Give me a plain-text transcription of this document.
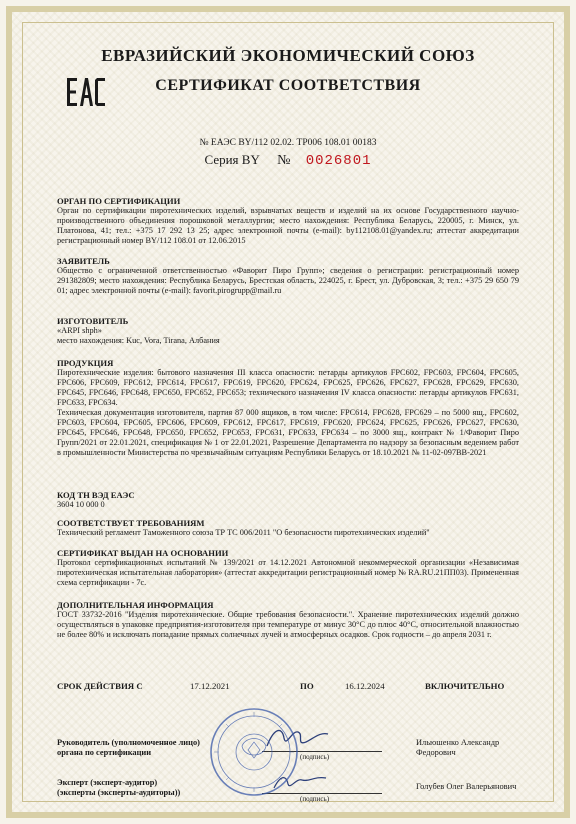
ЕВРАЗИЙСКИЙ ЭКОНОМИЧЕСКИЙ СОЮЗ
СЕРТИФИКАТ СООТВЕТСТВИЯ
№ ЕАЭС BY/112 02.02. ТР006 108.01 00183
Серия BY № 0026801
ОРГАН ПО СЕРТИФИКАЦИИ
Орган по сертификации пиротехнических изделий, взрывчатых веществ и изделий на их основе Государственного научно-производственного объединения порошковой металлургии; место нахождения: Республика Беларусь, 220005, г. Минск, ул. Платонова, 41; тел.: +375 17 292 13 25; адрес электронной почты (e-mail): by112108.01@yandex.ru; аттестат аккредитации регистрационный номер BY/112 108.01 от 12.06.2015
ЗАЯВИТЕЛЬ
Общество с ограниченной ответственностью «Фаворит Пиро Групп»; сведения о регистрации: регистрационный номер 291382809; место нахождения: Республика Беларусь, Брестская область, 224025, г. Брест, ул. Дубровская, 3; тел.: +375 29 650 79 01; адрес электронной почты (e-mail): favorit.pirogrupp@mail.ru
ИЗГОТОВИТЕЛЬ
«ARPI shph»
место нахождения: Kuc, Vora, Tirana, Албания
ПРОДУКЦИЯ
Пиротехнические изделия: бытового назначения III класса опасности: петарды артикулов FPC602, FPC603, FPC604, FPC605, FPC606, FPC609, FPC612, FPC614, FPC617, FPC619, FPC620, FPC624, FPC625, FPC626, FPC627, FPC628, FPC629, FPC630, FPC645, FPC646, FPC648, FPC650, FPC652, FPC653; технического назначения IV класса опасности: петарды артикулов FPC631, FPC633, FPC634.
Техническая документация изготовителя, партия 87 000 ящиков, в том числе: FPC614, FPC628, FPC629 – по 5000 ящ., FPC602, FPC603, FPC604, FPC605, FPC606, FPC609, FPC612, FPC617, FPC619, FPC620, FPC624, FPC625, FPC626, FPC627, FPC630, FPC645, FPC646, FPC648, FPC650, FPC652, FPC653, FPC631, FPC633, FPC634 – по 3000 ящ., контракт № 1/Фаворит Пиро Групп/2021 от 22.01.2021, спецификация № 1 от 22.01.2021, Разрешение Департамента по надзору за безопасным ведением работ в промышленности Министерства по чрезвычайным ситуациям Республики Беларусь от 18.10.2021 № 11-02-097ВВ-2021
КОД ТН ВЭД ЕАЭС
3604 10 000 0
СООТВЕТСТВУЕТ ТРЕБОВАНИЯМ
Технический регламент Таможенного союза ТР ТС 006/2011 "О безопасности пиротехнических изделий"
СЕРТИФИКАТ ВЫДАН НА ОСНОВАНИИ
Протокол сертификационных испытаний № 139/2021 от 14.12.2021 Автономной некоммерческой организации «Независимая пиротехническая испытательная лаборатория» (аттестат аккредитации регистрационный номер № RA.RU.21ПП03). Примененная схема сертификации - 7с.
ДОПОЛНИТЕЛЬНАЯ ИНФОРМАЦИЯ
ГОСТ 33732-2016 "Изделия пиротехнические. Общие требования безопасности.". Хранение пиротехнических изделий должно осуществляться в упаковке предприятия-изготовителя при температуре от минус 30°C до плюс 40°C, относительной влажностью не более 80% и исключать попадание прямых солнечных лучей и атмосферных осадков. Срок годности – до апреля 2031 г.
СРОК ДЕЙСТВИЯ С	17.12.2021	ПО	16.12.2024	ВКЛЮЧИТЕЛЬНО
Руководитель (уполномоченное лицо)
органа по сертификации	(подпись)
Ильюшенко Александр
Федорович
Эксперт (эксперт-аудитор)
(эксперты (эксперты-аудиторы))
(подпись)
Голубев Олег Валерьянович
